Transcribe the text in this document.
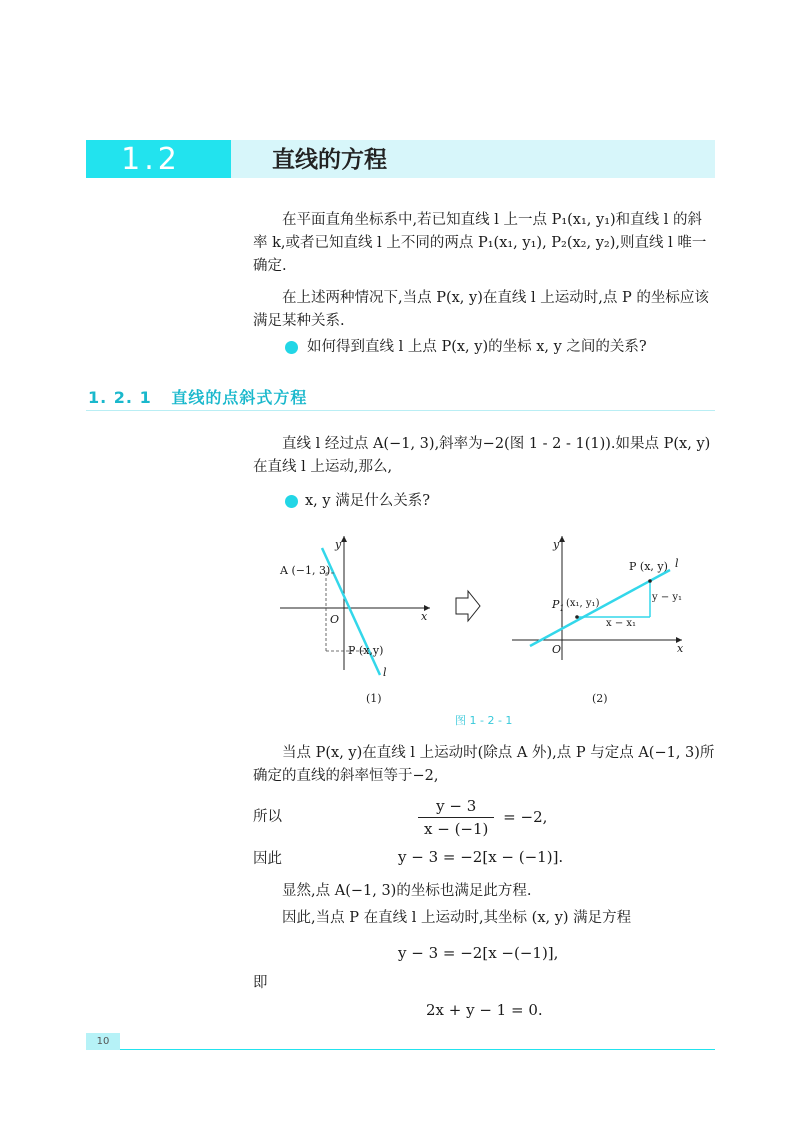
1.2	直线的方程

在平面直角坐标系中,若已知直线 l 上一点 P₁(x₁, y₁)和直线 l 的斜率 k,或者已知直线 l 上不同的两点 P₁(x₁, y₁), P₂(x₂, y₂),则直线 l 唯一确定.

在上述两种情况下,当点 P(x, y)在直线 l 上运动时,点 P 的坐标应该满足某种关系.

如何得到直线 l 上点 P(x, y)的坐标 x, y 之间的关系?
1. 2. 1 直线的点斜式方程

直线 l 经过点 A(−1, 3),斜率为−2(图 1 - 2 - 1(1)).如果点 P(x, y)在直线 l 上运动,那么,

x, y 满足什么关系?
y
x
O
A (−1, 3)
P (x,y)
l
(1)
y
x
O
P (x, y) l
$P_1$ (x₁, y₁)
y − y₁
x − x₁
(2)
图 1 - 2 - 1

当点 P(x, y)在直线 l 上运动时(除点 A 外),点 P 与定点 A(−1, 3)所确定的直线的斜率恒等于−2,

所以	$\frac{y - 3}{x - (-1)} = -2$,
因此	y − 3 = −2[x − (−1)].

显然,点 A(−1, 3)的坐标也满足此方程.

因此,当点 P 在直线 l 上运动时,其坐标 (x, y) 满足方程

y − 3 = −2[x −(−1)],
即
2x + y − 1 = 0.
10
